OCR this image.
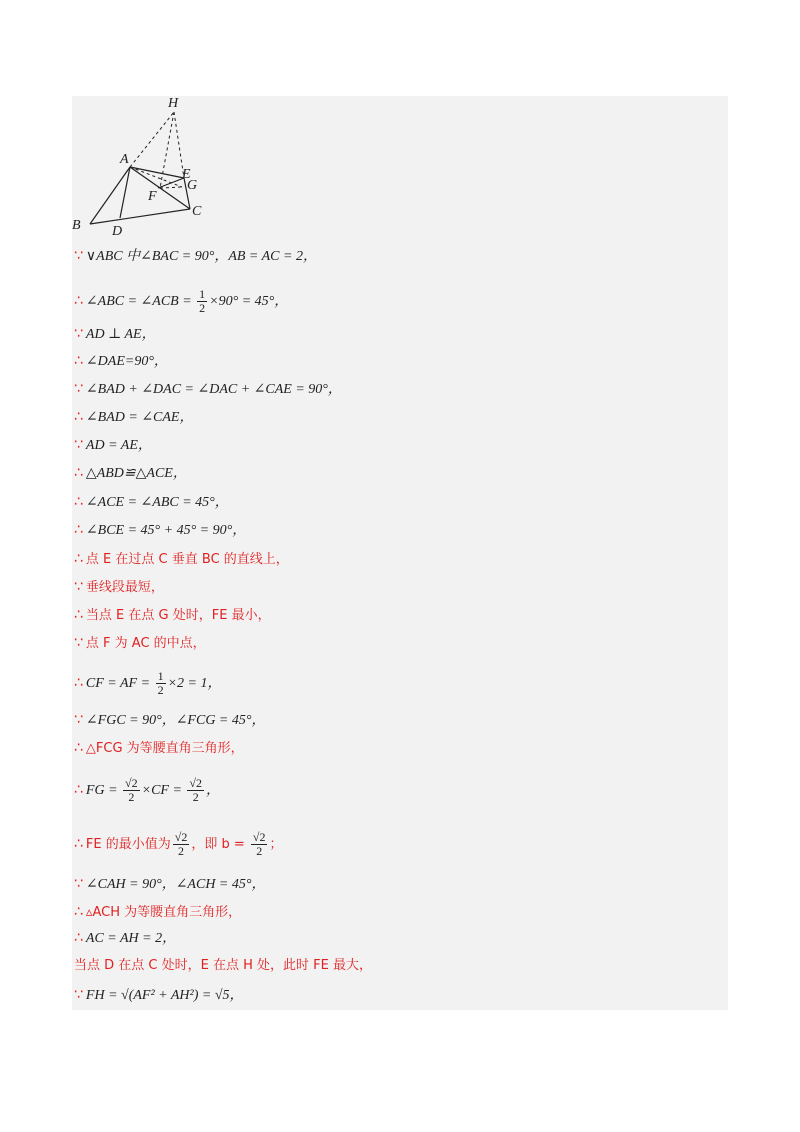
H
A
E
F
G
B D
C
∵ ∨ABC 中∠BAC = 90°，AB = AC = 2，
∴ ∠ABC = ∠ACB = $\frac{1}{2} \times 90^\circ = 45^\circ$，
∵ AD ⊥ AE，
∴ ∠DAE=90°，
∵ ∠BAD + ∠DAC = ∠DAC + ∠CAE = 90°，
∴ ∠BAD = ∠CAE，
∵ AD = AE，
∴ △ABD≌△ACE，
∴ ∠ACE = ∠ABC = 45°，
∴ ∠BCE = 45° + 45° = 90°，
∴ 点 E 在过点 C 垂直 BC 的直线上，
∵ 垂线段最短，
∴ 当点 E 在点 G 处时，FE 最小，
∵ 点 F 为 AC 的中点，
∴ CF = AF = $\frac{1}{2} \times 2 = 1$，
∵ ∠FGC = 90°，∠FCG = 45°，
∴ △FCG 为等腰直角三角形，
∴ FG = $\frac{√2}{2} \times CF = \frac{√2}{2}$ ，
∴ FE 的最小值为 $\frac{√2}{2}$ ，即 $b = \frac{√2}{2}$ ；
∵ ∠CAH = 90°，∠ACH = 45°，
∴ ▵ACH 为等腰直角三角形，
∴ AC = AH = 2，
当点 D 在点 C 处时，E 在点 H 处，此时 FE 最大，
∵ FH = √(AF² + AH²) = √5，
